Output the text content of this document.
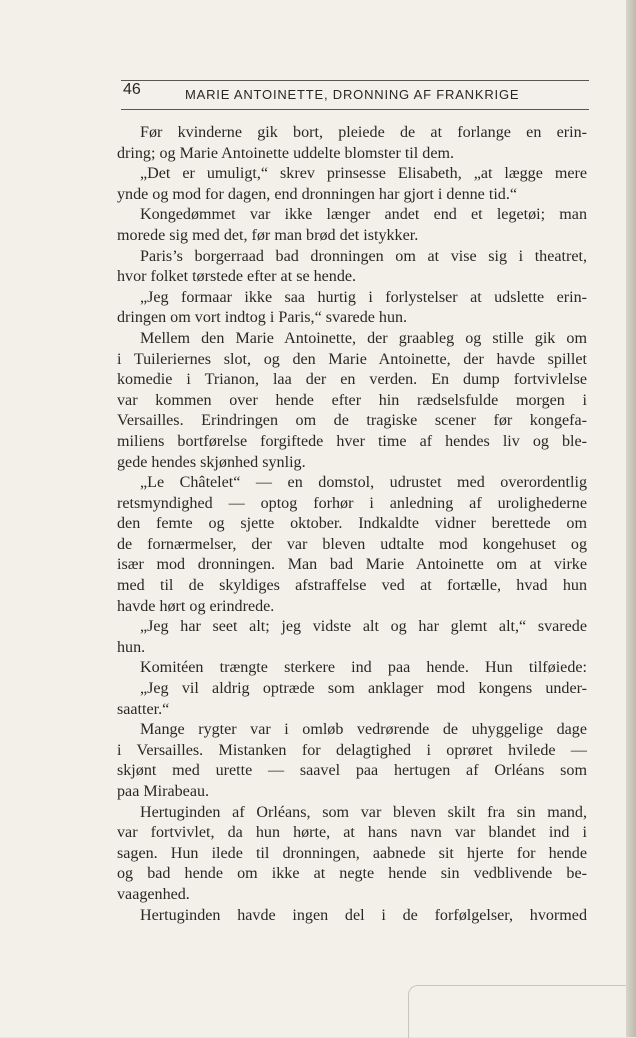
46	MARIE ANTOINETTE, DRONNING AF FRANKRIGE
Før kvinderne gik bort, pleiede de at forlange en erin-
dring; og Marie Antoinette uddelte blomster til dem.
„Det er umuligt,“ skrev prinsesse Elisabeth, „at lægge mere
ynde og mod for dagen, end dronningen har gjort i denne tid.“
Kongedømmet var ikke længer andet end et legetøi; man
morede sig med det, før man brød det istykker.
Paris’s borgerraad bad dronningen om at vise sig i theatret,
hvor folket tørstede efter at se hende.
„Jeg formaar ikke saa hurtig i forlystelser at udslette erin-
dringen om vort indtog i Paris,“ svarede hun.
Mellem den Marie Antoinette, der graableg og stille gik om
i Tuileriernes slot, og den Marie Antoinette, der havde spillet
komedie i Trianon, laa der en verden. En dump fortvivlelse
var kommen over hende efter hin rædselsfulde morgen i
Versailles. Erindringen om de tragiske scener før kongefa-
miliens bortførelse forgiftede hver time af hendes liv og ble-
gede hendes skjønhed synlig.
„Le Châtelet“ — en domstol, udrustet med overordentlig
retsmyndighed — optog forhør i anledning af urolighederne
den femte og sjette oktober. Indkaldte vidner berettede om
de fornærmelser, der var bleven udtalte mod kongehuset og
især mod dronningen. Man bad Marie Antoinette om at virke
med til de skyldiges afstraffelse ved at fortælle, hvad hun
havde hørt og erindrede.
„Jeg har seet alt; jeg vidste alt og har glemt alt,“ svarede
hun.
Komitéen trængte sterkere ind paa hende. Hun tilføiede:
„Jeg vil aldrig optræde som anklager mod kongens under-
saatter.“
Mange rygter var i omløb vedrørende de uhyggelige dage
i Versailles. Mistanken for delagtighed i oprøret hvilede —
skjønt med urette — saavel paa hertugen af Orléans som
paa Mirabeau.
Hertuginden af Orléans, som var bleven skilt fra sin mand,
var fortvivlet, da hun hørte, at hans navn var blandet ind i
sagen. Hun ilede til dronningen, aabnede sit hjerte for hende
og bad hende om ikke at negte hende sin vedblivende be-
vaagenhed.
Hertuginden havde ingen del i de forfølgelser, hvormed
